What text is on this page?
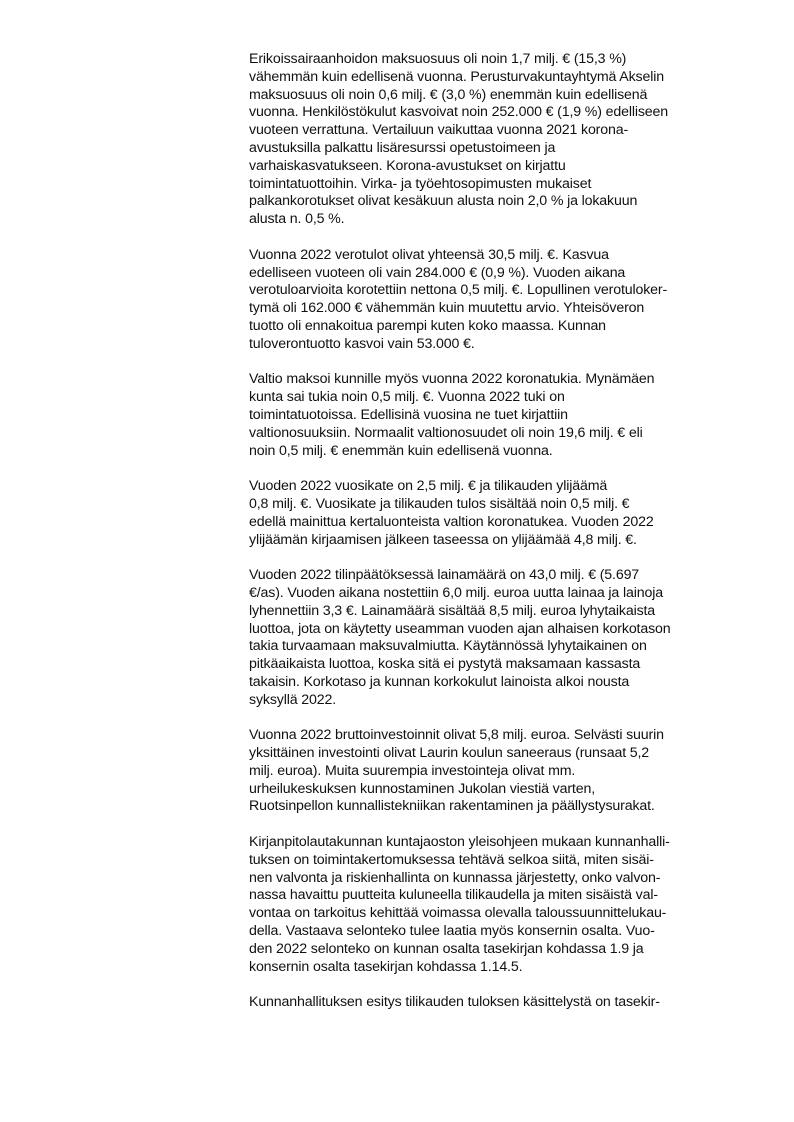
Erikoissairaanhoidon maksuosuus oli noin 1,7 milj. € (15,3 %)
vähemmän kuin edellisenä vuonna. Perusturvakuntayhtymä Akselin
maksuosuus oli noin 0,6 milj. € (3,0 %) enemmän kuin edellisenä
vuonna. Henkilöstökulut kasvoivat noin 252.000 € (1,9 %) edelliseen
vuoteen verrattuna. Vertailuun vaikuttaa vuonna 2021 korona-
avustuksilla palkattu lisäresurssi opetustoimeen ja
varhaiskasvatukseen. Korona-avustukset on kirjattu
toimintatuottoihin. Virka- ja työehtosopimusten mukaiset
palkankorotukset olivat kesäkuun alusta noin 2,0 % ja lokakuun
alusta n. 0,5 %.

Vuonna 2022 verotulot olivat yhteensä 30,5 milj. €. Kasvua
edelliseen vuoteen oli vain 284.000 € (0,9 %). Vuoden aikana
verotuloarvioita korotettiin nettona 0,5 milj. €. Lopullinen verotuloker-
tymä oli 162.000 € vähemmän kuin muutettu arvio. Yhteisöveron
tuotto oli ennakoitua parempi kuten koko maassa. Kunnan
tuloverontuotto kasvoi vain 53.000 €.

Valtio maksoi kunnille myös vuonna 2022 koronatukia. Mynämäen
kunta sai tukia noin 0,5 milj. €. Vuonna 2022 tuki on
toimintatuotoissa. Edellisinä vuosina ne tuet kirjattiin
valtionosuuksiin. Normaalit valtionosuudet oli noin 19,6 milj. € eli
noin 0,5 milj. € enemmän kuin edellisenä vuonna.

Vuoden 2022 vuosikate on 2,5 milj. € ja tilikauden ylijäämä
0,8 milj. €. Vuosikate ja tilikauden tulos sisältää noin 0,5 milj. €
edellä mainittua kertaluonteista valtion koronatukea. Vuoden 2022
ylijäämän kirjaamisen jälkeen taseessa on ylijäämää 4,8 milj. €.

Vuoden 2022 tilinpäätöksessä lainamäärä on 43,0 milj. € (5.697
€/as). Vuoden aikana nostettiin 6,0 milj. euroa uutta lainaa ja lainoja
lyhennettiin 3,3 €. Lainamäärä sisältää 8,5 milj. euroa lyhytaikaista
luottoa, jota on käytetty useamman vuoden ajan alhaisen korkotason
takia turvaamaan maksuvalmiutta. Käytännössä lyhytaikainen on
pitkäaikaista luottoa, koska sitä ei pystytä maksamaan kassasta
takaisin. Korkotaso ja kunnan korkokulut lainoista alkoi nousta
syksyllä 2022.

Vuonna 2022 bruttoinvestoinnit olivat 5,8 milj. euroa. Selvästi suurin
yksittäinen investointi olivat Laurin koulun saneeraus (runsaat 5,2
milj. euroa). Muita suurempia investointeja olivat mm.
urheilukeskuksen kunnostaminen Jukolan viestiä varten,
Ruotsinpellon kunnallistekniikan rakentaminen ja päällystysurakat.

Kirjanpitolautakunnan kuntajaoston yleisohjeen mukaan kunnanhalli-
tuksen on toimintakertomuksessa tehtävä selkoa siitä, miten sisäi-
nen valvonta ja riskienhallinta on kunnassa järjestetty, onko valvon-
nassa havaittu puutteita kuluneella tilikaudella ja miten sisäistä val-
vontaa on tarkoitus kehittää voimassa olevalla taloussuunnittelukau-
della. Vastaava selonteko tulee laatia myös konsernin osalta. Vuo-
den 2022 selonteko on kunnan osalta tasekirjan kohdassa 1.9 ja
konsernin osalta tasekirjan kohdassa 1.14.5.

Kunnanhallituksen esitys tilikauden tuloksen käsittelystä on tasekir-
